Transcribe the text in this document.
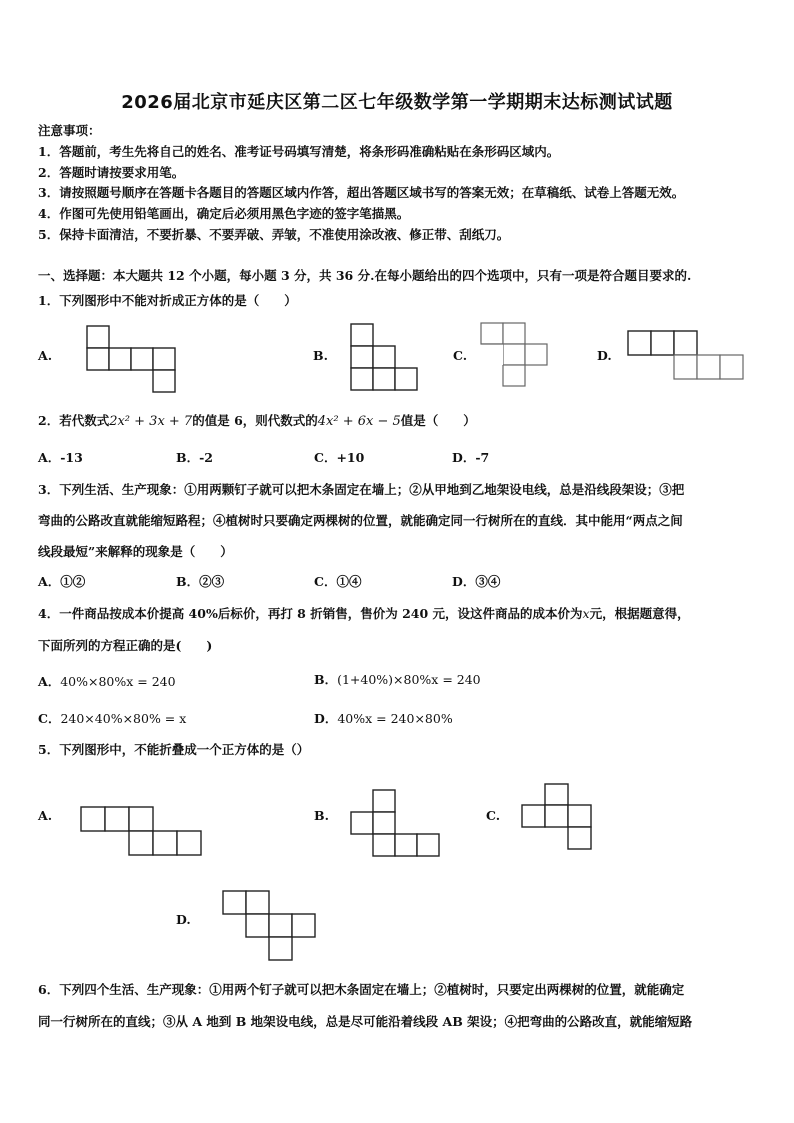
2026届北京市延庆区第二区七年级数学第一学期期末达标测试试题
注意事项：
1．答题前，考生先将自己的姓名、准考证号码填写清楚，将条形码准确粘贴在条形码区域内。
2．答题时请按要求用笔。
3．请按照题号顺序在答题卡各题目的答题区域内作答，超出答题区域书写的答案无效；在草稿纸、试卷上答题无效。
4．作图可先使用铅笔画出，确定后必须用黑色字迹的签字笔描黑。
5．保持卡面清洁，不要折暴、不要弄破、弄皱，不准使用涂改液、修正带、刮纸刀。
一、选择题：本大题共 12 个小题，每小题 3 分，共 36 分.在每小题给出的四个选项中，只有一项是符合题目要求的.
1．下列图形中不能对折成正方体的是（　　）
A.	B.	C.	D.
2．若代数式2x² + 3x + 7的值是 6，则代数式的4x² + 6x − 5值是（　　）
A．-13	B．-2	C．+10	D．-7
3．下列生活、生产现象：①用两颗钉子就可以把木条固定在墙上；②从甲地到乙地架设电线，总是沿线段架设；③把
弯曲的公路改直就能缩短路程；④植树时只要确定两棵树的位置，就能确定同一行树所在的直线．其中能用“两点之间
线段最短”来解释的现象是（　　）
A．①②	B．②③	C．①④	D．③④
4．一件商品按成本价提高 40%后标价，再打 8 折销售，售价为 240 元，设这件商品的成本价为x元，根据题意得，
下面所列的方程正确的是(　　)
A．40%×80%x = 240	B．(1+40%)×80%x = 240
C．240×40%×80% = x	D．40%x = 240×80%
5．下列图形中，不能折叠成一个正方体的是（）
A.	B.	C.
D.
6．下列四个生活、生产现象：①用两个钉子就可以把木条固定在墙上；②植树时，只要定出两棵树的位置，就能确定
同一行树所在的直线；③从 A 地到 B 地架设电线，总是尽可能沿着线段 AB 架设；④把弯曲的公路改直，就能缩短路
